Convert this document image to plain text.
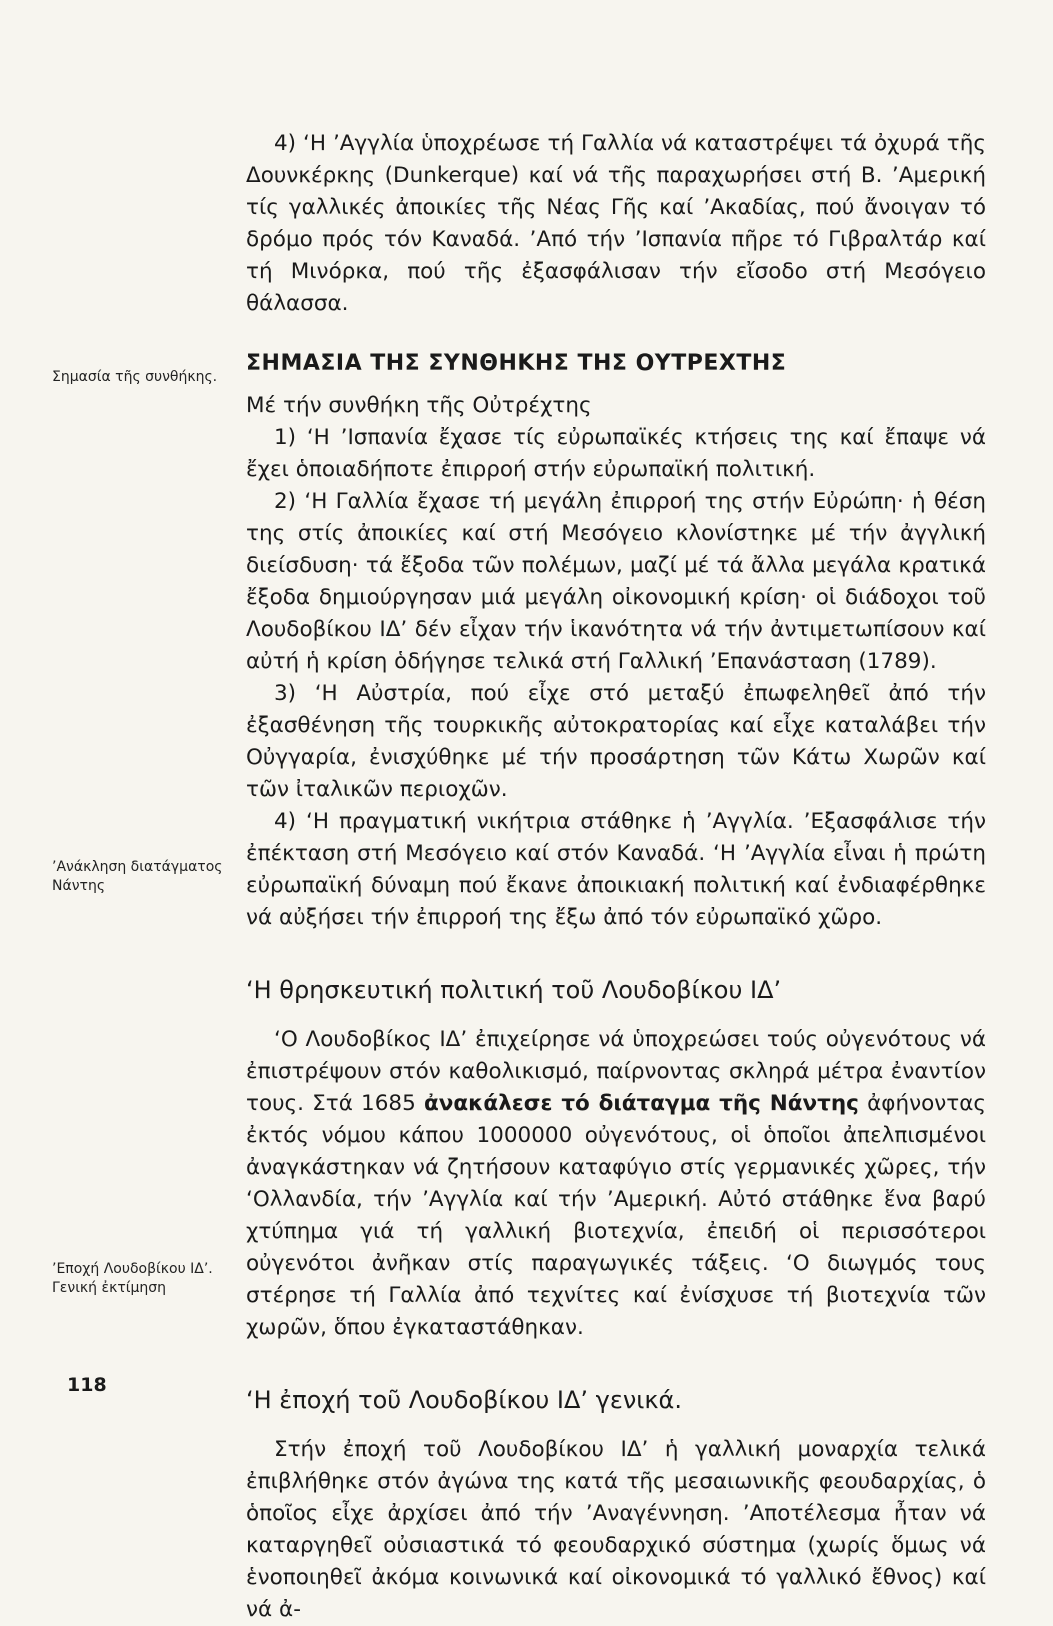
Σημασία τῆς συνθήκης.
’Ανάκληση διατάγματος Νάντης
’Εποχή Λουδοβίκου ΙΔ’. Γενική ἐκτίμηση
118

4) ‘Η ’Αγγλία ὑποχρέωσε τή Γαλλία νά καταστρέψει τά ὀχυρά τῆς Δουνκέρκης (Dunkerque) καί νά τῆς παραχωρήσει στή Β. ’Αμερική τίς γαλλικές ἀποικίες τῆς Νέας Γῆς καί ’Ακαδίας, πού ἄνοιγαν τό δρόμο πρός τόν Καναδά. ’Από τήν ’Ισπανία πῆρε τό Γιβραλτάρ καί τή Μινόρκα, πού τῆς ἐξασφάλισαν τήν εἴσοδο στή Μεσόγειο θάλασσα.

ΣΗΜΑΣΙΑ ΤΗΣ ΣΥΝΘΗΚΗΣ ΤΗΣ ΟΥΤΡΕΧΤΗΣ

Μέ τήν συνθήκη τῆς Οὐτρέχτης

1) ‘Η ’Ισπανία ἔχασε τίς εὐρωπαϊκές κτήσεις της καί ἔπαψε νά ἔχει ὁποιαδήποτε ἐπιρροή στήν εὐρωπαϊκή πολιτική.

2) ‘Η Γαλλία ἔχασε τή μεγάλη ἐπιρροή της στήν Εὐρώπη· ἡ θέση της στίς ἀποικίες καί στή Μεσόγειο κλονίστηκε μέ τήν ἀγγλική διείσδυση· τά ἔξοδα τῶν πολέμων, μαζί μέ τά ἄλλα μεγάλα κρατικά ἔξοδα δημιούργησαν μιά μεγάλη οἰκονομική κρίση· οἱ διάδοχοι τοῦ Λουδοβίκου ΙΔ’ δέν εἶχαν τήν ἱκανότητα νά τήν ἀντιμετωπίσουν καί αὐτή ἡ κρίση ὁδήγησε τελικά στή Γαλλική ’Επανάσταση (1789).

3) ‘Η Αὐστρία, πού εἶχε στό μεταξύ ἐπωφεληθεῖ ἀπό τήν ἐξασθένηση τῆς τουρκικῆς αὐτοκρατορίας καί εἶχε καταλάβει τήν Οὐγγαρία, ἐνισχύθηκε μέ τήν προσάρτηση τῶν Κάτω Χωρῶν καί τῶν ἰταλικῶν περιοχῶν.

4) ‘Η πραγματική νικήτρια στάθηκε ἡ ’Αγγλία. ’Εξασφάλισε τήν ἐπέκταση στή Μεσόγειο καί στόν Καναδά. ‘Η ’Αγγλία εἶναι ἡ πρώτη εὐρωπαϊκή δύναμη πού ἔκανε ἀποικιακή πολιτική καί ἐνδιαφέρθηκε νά αὐξήσει τήν ἐπιρροή της ἔξω ἀπό τόν εὐρωπαϊκό χῶρο.

‘Η θρησκευτική πολιτική τοῦ Λουδοβίκου ΙΔ’

‘Ο Λουδοβίκος ΙΔ’ ἐπιχείρησε νά ὑποχρεώσει τούς οὐγενότους νά ἐπιστρέψουν στόν καθολικισμό, παίρνοντας σκληρά μέτρα ἐναντίον τους. Στά 1685 ἀνακάλεσε τό διάταγμα τῆς Νάντης ἀφήνοντας ἐκτός νόμου κάπου 1000000 οὐγενότους, οἱ ὁποῖοι ἀπελπισμένοι ἀναγκάστηκαν νά ζητήσουν καταφύγιο στίς γερμανικές χῶρες, τήν ‘Ολλανδία, τήν ’Αγγλία καί τήν ’Αμερική. Αὐτό στάθηκε ἕνα βαρύ χτύπημα γιά τή γαλλική βιοτεχνία, ἐπειδή οἱ περισσότεροι οὐγενότοι ἀνῆκαν στίς παραγωγικές τάξεις. ‘Ο διωγμός τους στέρησε τή Γαλλία ἀπό τεχνίτες καί ἐνίσχυσε τή βιοτεχνία τῶν χωρῶν, ὅπου ἐγκαταστάθηκαν.

‘Η ἐποχή τοῦ Λουδοβίκου ΙΔ’ γενικά.

Στήν ἐποχή τοῦ Λουδοβίκου ΙΔ’ ἡ γαλλική μοναρχία τελικά ἐπιβλήθηκε στόν ἀγώνα της κατά τῆς μεσαιωνικῆς φεουδαρχίας, ὁ ὁποῖος εἶχε ἀρχίσει ἀπό τήν ’Αναγέννηση. ’Αποτέλεσμα ἦταν νά καταργηθεῖ οὐσιαστικά τό φεουδαρχικό σύστημα (χωρίς ὅμως νά ἑνοποιηθεῖ ἀκόμα κοινωνικά καί οἰκονομικά τό γαλλικό ἔθνος) καί νά ἀ-
